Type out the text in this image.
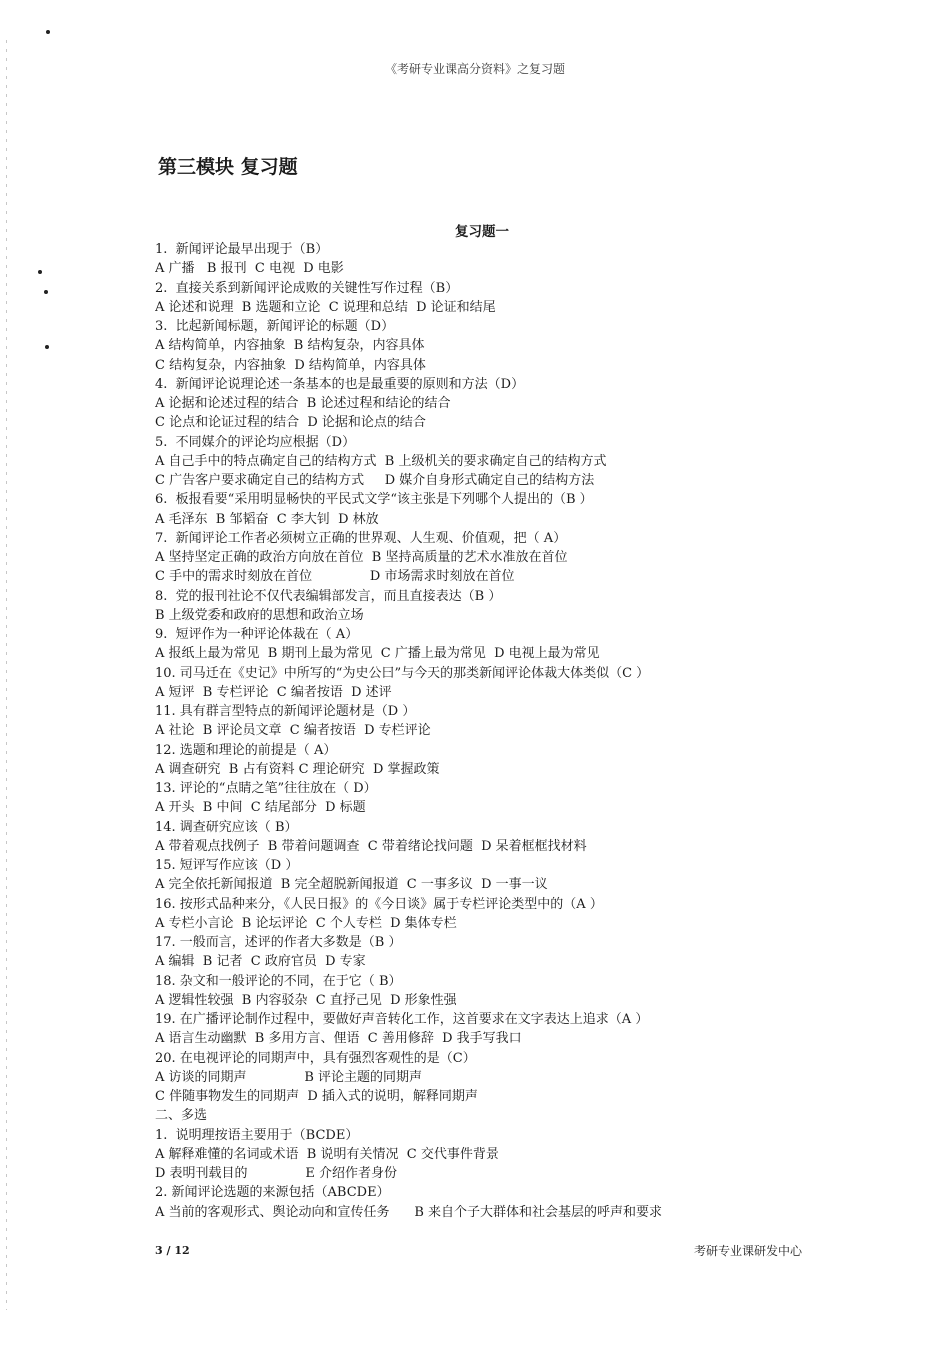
《考研专业课高分资料》之复习题
第三模块 复习题
复习题一
1.  新闻评论最早出现于（B）
A 广播   B 报刊  C 电视  D 电影
2.  直接关系到新闻评论成败的关键性写作过程（B）
A 论述和说理  B 选题和立论  C 说理和总结  D 论证和结尾
3.  比起新闻标题，新闻评论的标题（D）
A 结构简单，内容抽象  B 结构复杂，内容具体
C 结构复杂，内容抽象  D 结构简单，内容具体
4.  新闻评论说理论述一条基本的也是最重要的原则和方法（D）
A 论据和论述过程的结合  B 论述过程和结论的结合
C 论点和论证过程的结合  D 论据和论点的结合
5.  不同媒介的评论均应根据（D）
A 自己手中的特点确定自己的结构方式  B 上级机关的要求确定自己的结构方式
C 广告客户要求确定自己的结构方式     D 媒介自身形式确定自己的结构方法
6.  板报看要“采用明显畅快的平民式文学“该主张是下列哪个人提出的（B ）
A 毛泽东  B 邹韬奋  C 李大钊  D 林放
7.  新闻评论工作者必须树立正确的世界观、人生观、价值观，把（ A）
A 坚持坚定正确的政治方向放在首位  B 坚持高质量的艺术水准放在首位
C 手中的需求时刻放在首位              D 市场需求时刻放在首位
8.  党的报刊社论不仅代表编辑部发言，而且直接表达（B ）
B 上级党委和政府的思想和政治立场
9.  短评作为一种评论体裁在（ A）
A 报纸上最为常见  B 期刊上最为常见  C 广播上最为常见  D 电视上最为常见
10. 司马迁在《史记》中所写的“为史公曰”与今天的那类新闻评论体裁大体类似（C ）
A 短评  B 专栏评论  C 编者按语  D 述评
11. 具有群言型特点的新闻评论题材是（D ）
A 社论  B 评论员文章  C 编者按语  D 专栏评论
12. 选题和理论的前提是（ A）
A 调查研究  B 占有资料 C 理论研究  D 掌握政策
13. 评论的“点睛之笔”往往放在（ D）
A 开头  B 中间  C 结尾部分  D 标题
14. 调查研究应该（ B）
A 带着观点找例子  B 带着问题调查  C 带着绪论找问题  D 呆着框框找材料
15. 短评写作应该（D ）
A 完全依托新闻报道  B 完全超脱新闻报道  C 一事多议  D 一事一议
16. 按形式品种来分，《人民日报》的《今日谈》属于专栏评论类型中的（A ）
A 专栏小言论  B 论坛评论  C 个人专栏  D 集体专栏
17. 一般而言，述评的作者大多数是（B ）
A 编辑  B 记者  C 政府官员  D 专家
18. 杂文和一般评论的不同，在于它（ B）
A 逻辑性较强  B 内容驳杂  C 直抒己见  D 形象性强
19. 在广播评论制作过程中，要做好声音转化工作，这首要求在文字表达上追求（A ）
A 语言生动幽默  B 多用方言、俚语  C 善用修辞  D 我手写我口
20. 在电视评论的同期声中，具有强烈客观性的是（C）
A 访谈的同期声              B 评论主题的同期声
C 伴随事物发生的同期声  D 插入式的说明，解释同期声
二、多选
1.  说明理按语主要用于（BCDE）
A 解释难懂的名词或术语  B 说明有关情况  C 交代事件背景
D 表明刊载目的              E 介绍作者身份
2. 新闻评论选题的来源包括（ABCDE）
A 当前的客观形式、舆论动向和宣传任务      B 来自个子大群体和社会基层的呼声和要求
3 / 12	考研专业课研发中心
